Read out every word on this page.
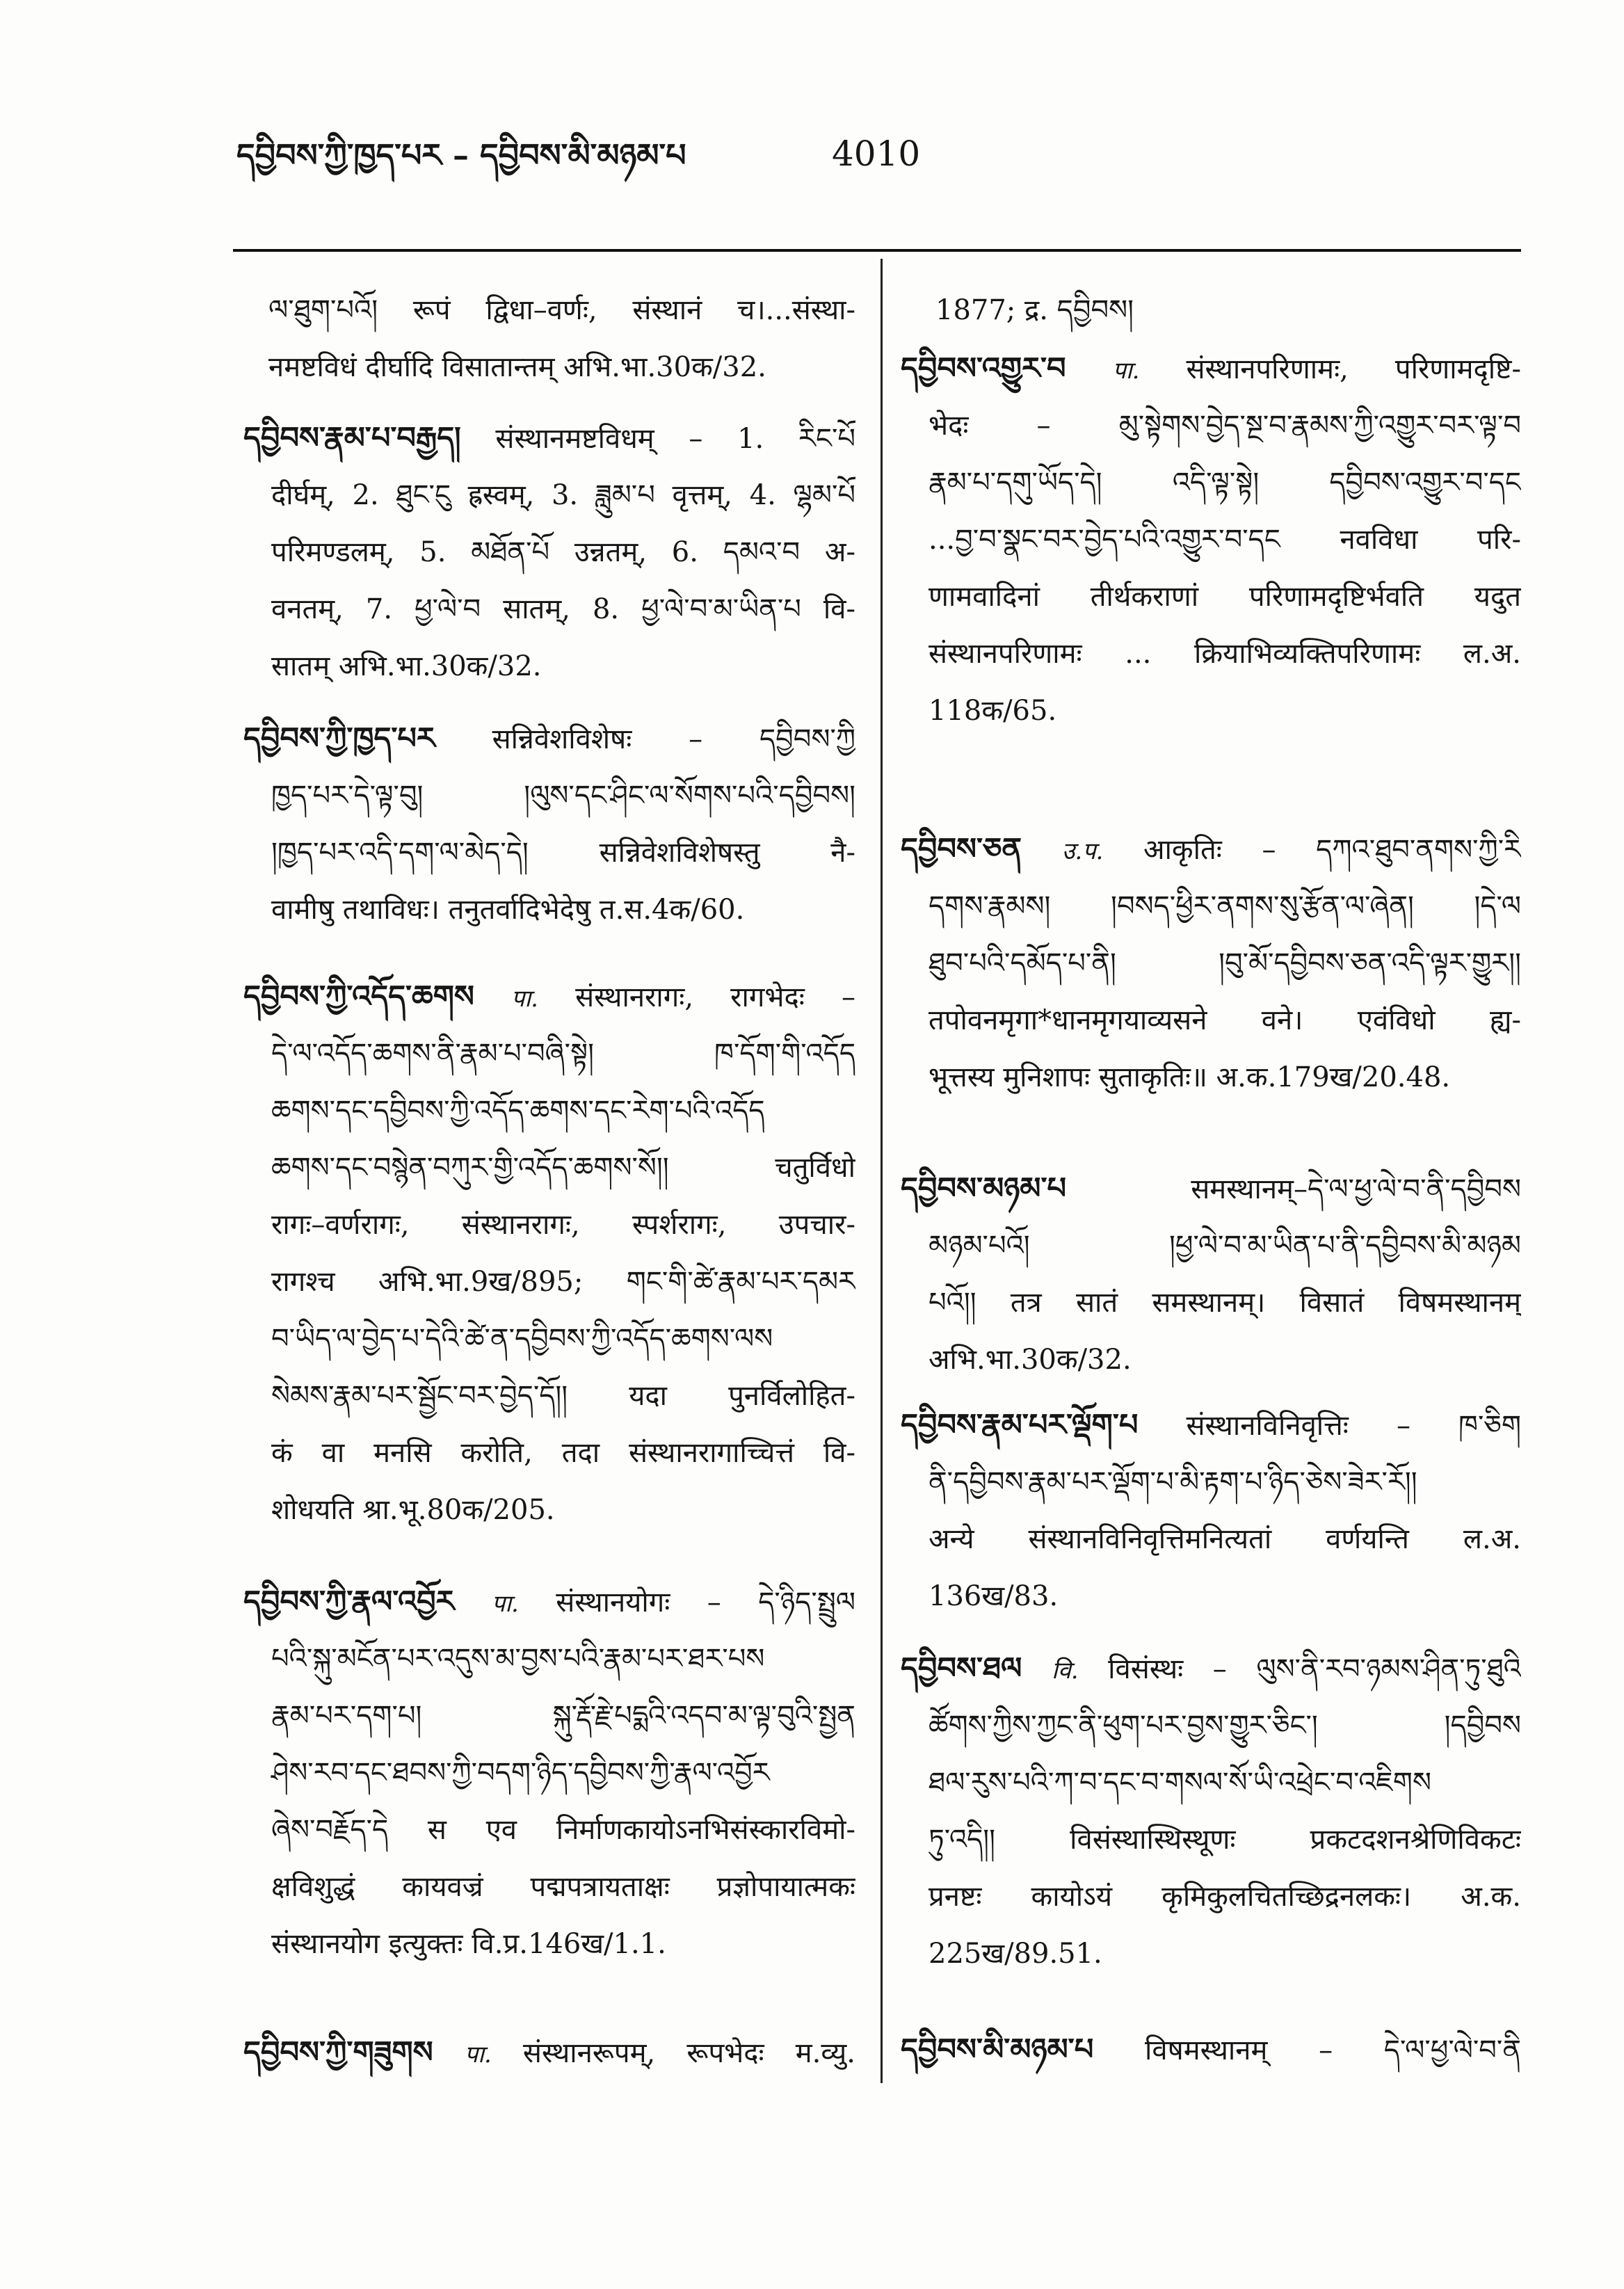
དབྱིབས་ཀྱི་ཁྱད་པར – དབྱིབས་མི་མཉམ་པ	4010
ལ་ཐུག་པའོ། रूपं द्विधा–वर्णः, संस्थानं च।...संस्था-
नमष्टविधं दीर्घादि विसातान्तम् अभि.भा.30क/32.
དབྱིབས་རྣམ་པ་བརྒྱད། संस्थानमष्टविधम् – 1. རིང་པོ
दीर्घम्, 2. ཐུང་ངུ ह्रस्वम्, 3. ཟླུམ་པ वृत्तम्, 4. ལྷམ་པོ
परिमण्डलम्, 5. མཐོན་པོ उन्नतम्, 6. དམའ་བ अ-
वनतम्, 7. ཕྱ་ལེ་བ सातम्, 8. ཕྱ་ལེ་བ་མ་ཡིན་པ वि-
सातम् अभि.भा.30क/32.
དབྱིབས་ཀྱི་ཁྱད་པར सन्निवेशविशेषः – དབྱིབས་ཀྱི
ཁྱད་པར་དེ་ལྟ་བུ། །ལུས་དང་ཤིང་ལ་སོགས་པའི་དབྱིབས།
།ཁྱད་པར་འདི་དག་ལ་མེད་དེ། सन्निवेशविशेषस्तु नै-
वामीषु तथाविधः। तनुतर्वादिभेदेषु त.स.4क/60.
དབྱིབས་ཀྱི་འདོད་ཆགས पा. संस्थानरागः, रागभेदः –
དེ་ལ་འདོད་ཆགས་ནི་རྣམ་པ་བཞི་སྟེ། ཁ་དོག་གི་འདོད
ཆགས་དང་དབྱིབས་ཀྱི་འདོད་ཆགས་དང་རེག་པའི་འདོད
ཆགས་དང་བསྙེན་བཀུར་གྱི་འདོད་ཆགས་སོ།། चतुर्विधो
रागः–वर्णरागः, संस्थानरागः, स्पर्शरागः, उपचार-
रागश्च अभि.भा.9ख/895; གང་གི་ཚེ་རྣམ་པར་དམར
བ་ཡིད་ལ་བྱེད་པ་དེའི་ཚེ་ན་དབྱིབས་ཀྱི་འདོད་ཆགས་ལས
སེམས་རྣམ་པར་སྦྱོང་བར་བྱེད་དོ།། यदा पुनर्विलोहित-
कं वा मनसि करोति, तदा संस्थानरागाच्चित्तं वि-
शोधयति श्रा.भू.80क/205.
དབྱིབས་ཀྱི་རྣལ་འབྱོར पा. संस्थानयोगः – དེ་ཉིད་སྤྲུལ
པའི་སྐུ་མངོན་པར་འདུས་མ་བྱས་པའི་རྣམ་པར་ཐར་པས
རྣམ་པར་དག་པ། སྐུ་རྡོ་རྗེ་པདྨའི་འདབ་མ་ལྟ་བུའི་སྤྱན
ཤེས་རབ་དང་ཐབས་ཀྱི་བདག་ཉིད་དབྱིབས་ཀྱི་རྣལ་འབྱོར
ཞེས་བརྗོད་དེ स एव निर्माणकायोऽनभिसंस्कारविमो-
क्षविशुद्धं कायवज्रं पद्मपत्रायताक्षः प्रज्ञोपायात्मकः
संस्थानयोग इत्युक्तः वि.प्र.146ख/1.1.
དབྱིབས་ཀྱི་གཟུགས पा. संस्थानरूपम्, रूपभेदः म.व्यु.
1877; द्र. དབྱིབས།
དབྱིབས་འགྱུར་བ पा. संस्थानपरिणामः, परिणामदृष्टि-
भेदः – མུ་སྟེགས་བྱེད་སྔ་བ་རྣམས་ཀྱི་འགྱུར་བར་ལྟ་བ
རྣམ་པ་དགུ་ཡོད་དེ། འདི་ལྟ་སྟེ། དབྱིབས་འགྱུར་བ་དང
...བྱ་བ་སྣང་བར་བྱེད་པའི་འགྱུར་བ་དང नवविधा परि-
णामवादिनां तीर्थकराणां परिणामदृष्टिर्भवति यदुत
संस्थानपरिणामः ... क्रियाभिव्यक्तिपरिणामः ल.अ.
118क/65.
དབྱིབས་ཅན उ.प. आकृतिः – དཀའ་ཐུབ་ནགས་ཀྱི་རི
དགས་རྣམས། །བསད་ཕྱིར་ནགས་སུ་རྩོན་ལ་ཞེན། །དེ་ལ
ཐུབ་པའི་དམོད་པ་ནི། །བུ་མོ་དབྱིབས་ཅན་འདི་ལྟར་གྱུར།།
तपोवनमृगा*धानमृगयाव्यसने वने। एवंविधो ह्य-
भूत्तस्य मुनिशापः सुताकृतिः॥ अ.क.179ख/20.48.
དབྱིབས་མཉམ་པ	समस्थानम्–དེ་ལ་ཕྱ་ལེ་བ་ནི་དབྱིབས
མཉམ་པའོ། །ཕྱ་ལེ་བ་མ་ཡིན་པ་ནི་དབྱིབས་མི་མཉམ
པའོ།། तत्र सातं समस्थानम्। विसातं विषमस्थानम्
अभि.भा.30क/32.
དབྱིབས་རྣམ་པར་ལྡོག་པ संस्थानविनिवृत्तिः – ཁ་ཅིག
ནི་དབྱིབས་རྣམ་པར་ལྡོག་པ་མི་རྟག་པ་ཉིད་ཅེས་ཟེར་རོ།།
अन्ये संस्थानविनिवृत्तिमनित्यतां वर्णयन्ति ल.अ.
136ख/83.
དབྱིབས་ཐལ वि. विसंस्थः – ལུས་ནི་རབ་ཉམས་ཤིན་ཏུ་ཐུའི
ཚོགས་ཀྱིས་ཀྱང་ནི་ཕུག་པར་བྱས་གྱུར་ཅིང་། །དབྱིབས
ཐལ་རུས་པའི་ཀ་བ་དང་བ་གསལ་སོ་ཡི་འཕྲེང་བ་འཇིགས
ཏུ་འདི།། विसंस्थास्थिस्थूणः प्रकटदशनश्रेणिविकटः
प्रनष्टः कायोऽयं कृमिकुलचितच्छिद्रनलकः। अ.क.
225ख/89.51.
དབྱིབས་མི་མཉམ་པ विषमस्थानम् – དེ་ལ་ཕྱ་ལེ་བ་ནི
